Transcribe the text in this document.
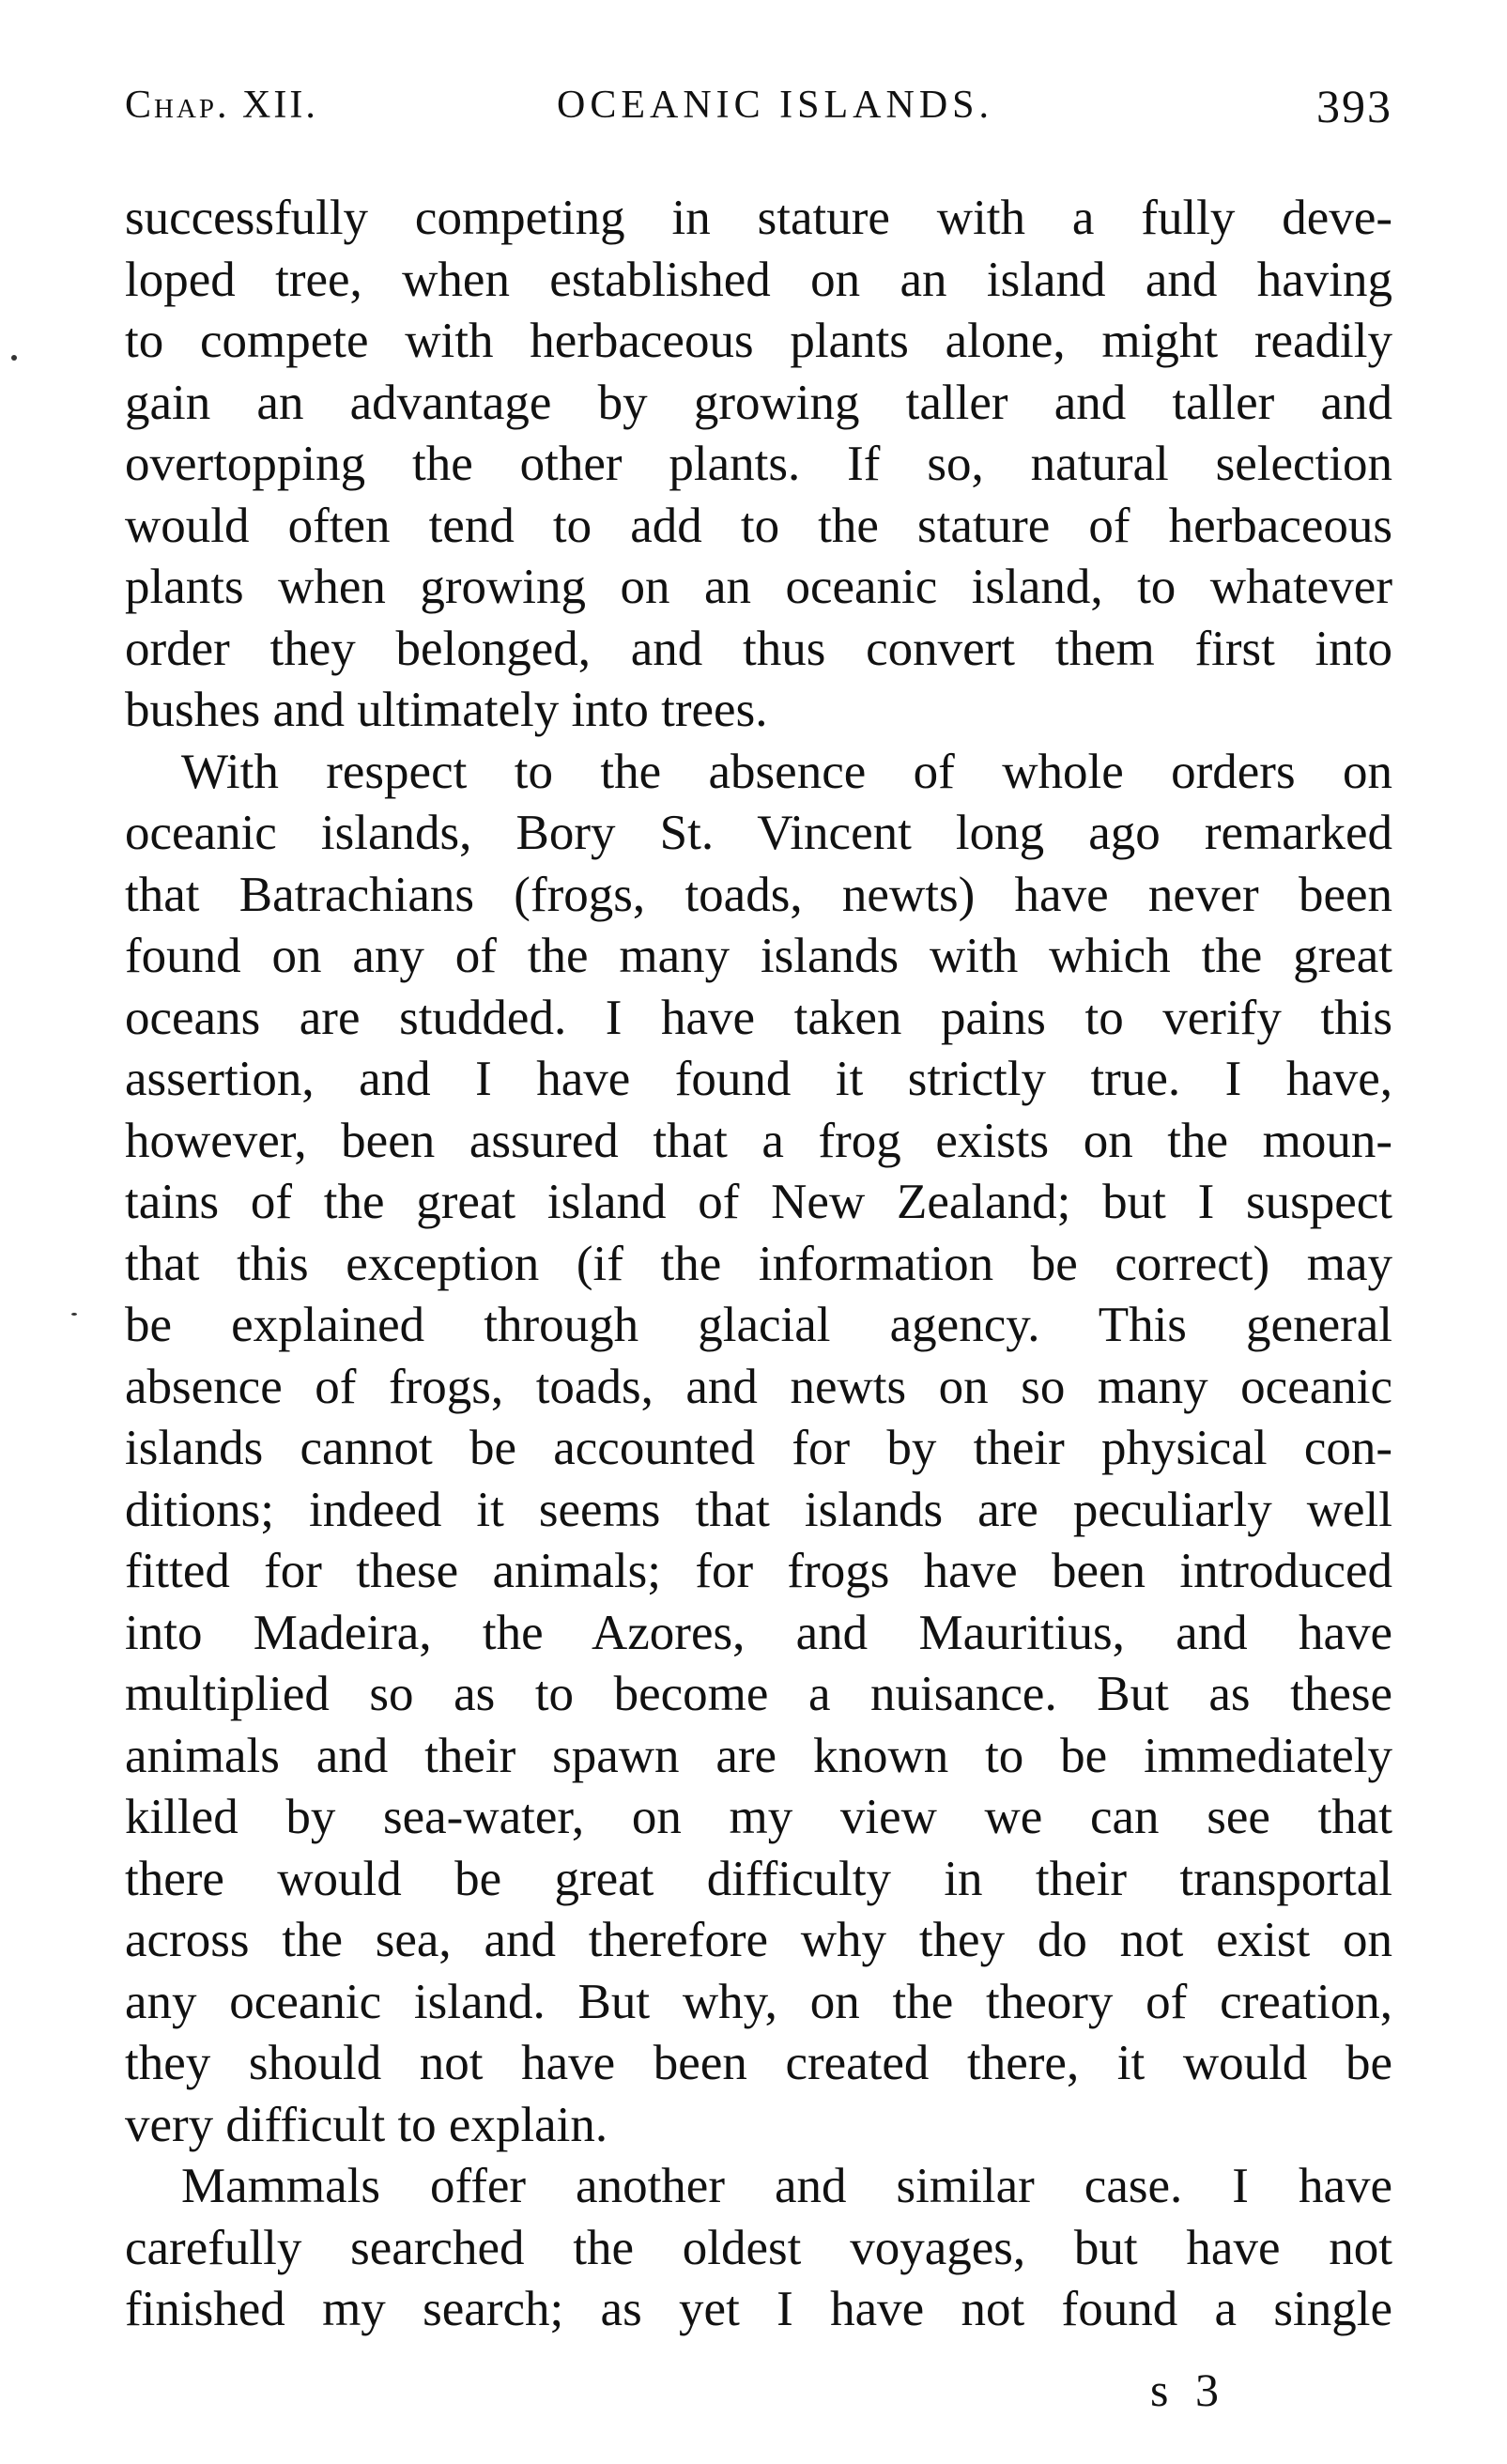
Chap. XII.	OCEANIC ISLANDS.	393
successfully competing in stature with a fully deve-
loped tree, when established on an island and having
to compete with herbaceous plants alone, might readily
gain an advantage by growing taller and taller and
overtopping the other plants. If so, natural selection
would often tend to add to the stature of herbaceous
plants when growing on an oceanic island, to whatever
order they belonged, and thus convert them first into
bushes and ultimately into trees.
With respect to the absence of whole orders on
oceanic islands, Bory St. Vincent long ago remarked
that Batrachians (frogs, toads, newts) have never been
found on any of the many islands with which the great
oceans are studded. I have taken pains to verify this
assertion, and I have found it strictly true. I have,
however, been assured that a frog exists on the moun-
tains of the great island of New Zealand; but I suspect
that this exception (if the information be correct) may
be explained through glacial agency. This general
absence of frogs, toads, and newts on so many oceanic
islands cannot be accounted for by their physical con-
ditions; indeed it seems that islands are peculiarly well
fitted for these animals; for frogs have been introduced
into Madeira, the Azores, and Mauritius, and have
multiplied so as to become a nuisance. But as these
animals and their spawn are known to be immediately
killed by sea-water, on my view we can see that
there would be great difficulty in their transportal
across the sea, and therefore why they do not exist on
any oceanic island. But why, on the theory of creation,
they should not have been created there, it would be
very difficult to explain.
Mammals offer another and similar case. I have
carefully searched the oldest voyages, but have not
finished my search; as yet I have not found a single
s 3
